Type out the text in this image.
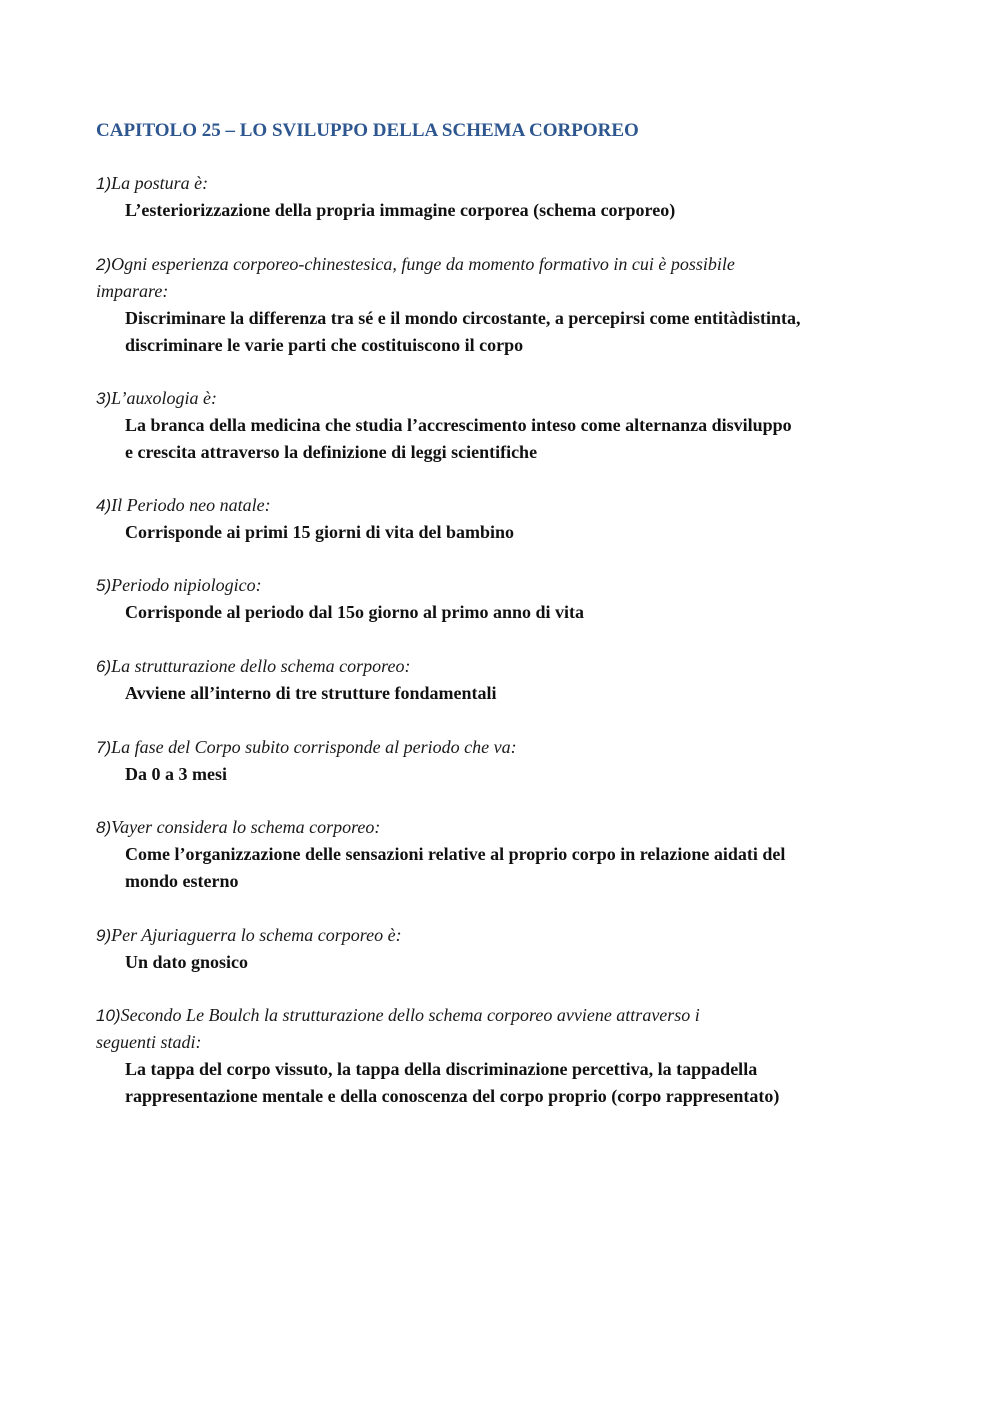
CAPITOLO 25 – LO SVILUPPO DELLA SCHEMA CORPOREO

1)La postura è:

L’esteriorizzazione della propria immagine corporea (schema corporeo)

2)Ogni esperienza corporeo-chinestesica, funge da momento formativo in cui è possibile

imparare:

Discriminare la differenza tra sé e il mondo circostante, a percepirsi come entitàdistinta,

discriminare le varie parti che costituiscono il corpo

3)L’auxologia è:

La branca della medicina che studia l’accrescimento inteso come alternanza disviluppo

e crescita attraverso la definizione di leggi scientifiche

4)Il Periodo neo natale:

Corrisponde ai primi 15 giorni di vita del bambino

5)Periodo nipiologico:

Corrisponde al periodo dal 15o giorno al primo anno di vita

6)La strutturazione dello schema corporeo:

Avviene all’interno di tre strutture fondamentali

7)La fase del Corpo subito corrisponde al periodo che va:

Da 0 a 3 mesi

8)Vayer considera lo schema corporeo:

Come l’organizzazione delle sensazioni relative al proprio corpo in relazione aidati del

mondo esterno

9)Per Ajuriaguerra lo schema corporeo è:

Un dato gnosico

10)Secondo Le Boulch la strutturazione dello schema corporeo avviene attraverso i

seguenti stadi:

La tappa del corpo vissuto, la tappa della discriminazione percettiva, la tappadella

rappresentazione mentale e della conoscenza del corpo proprio (corpo rappresentato)
